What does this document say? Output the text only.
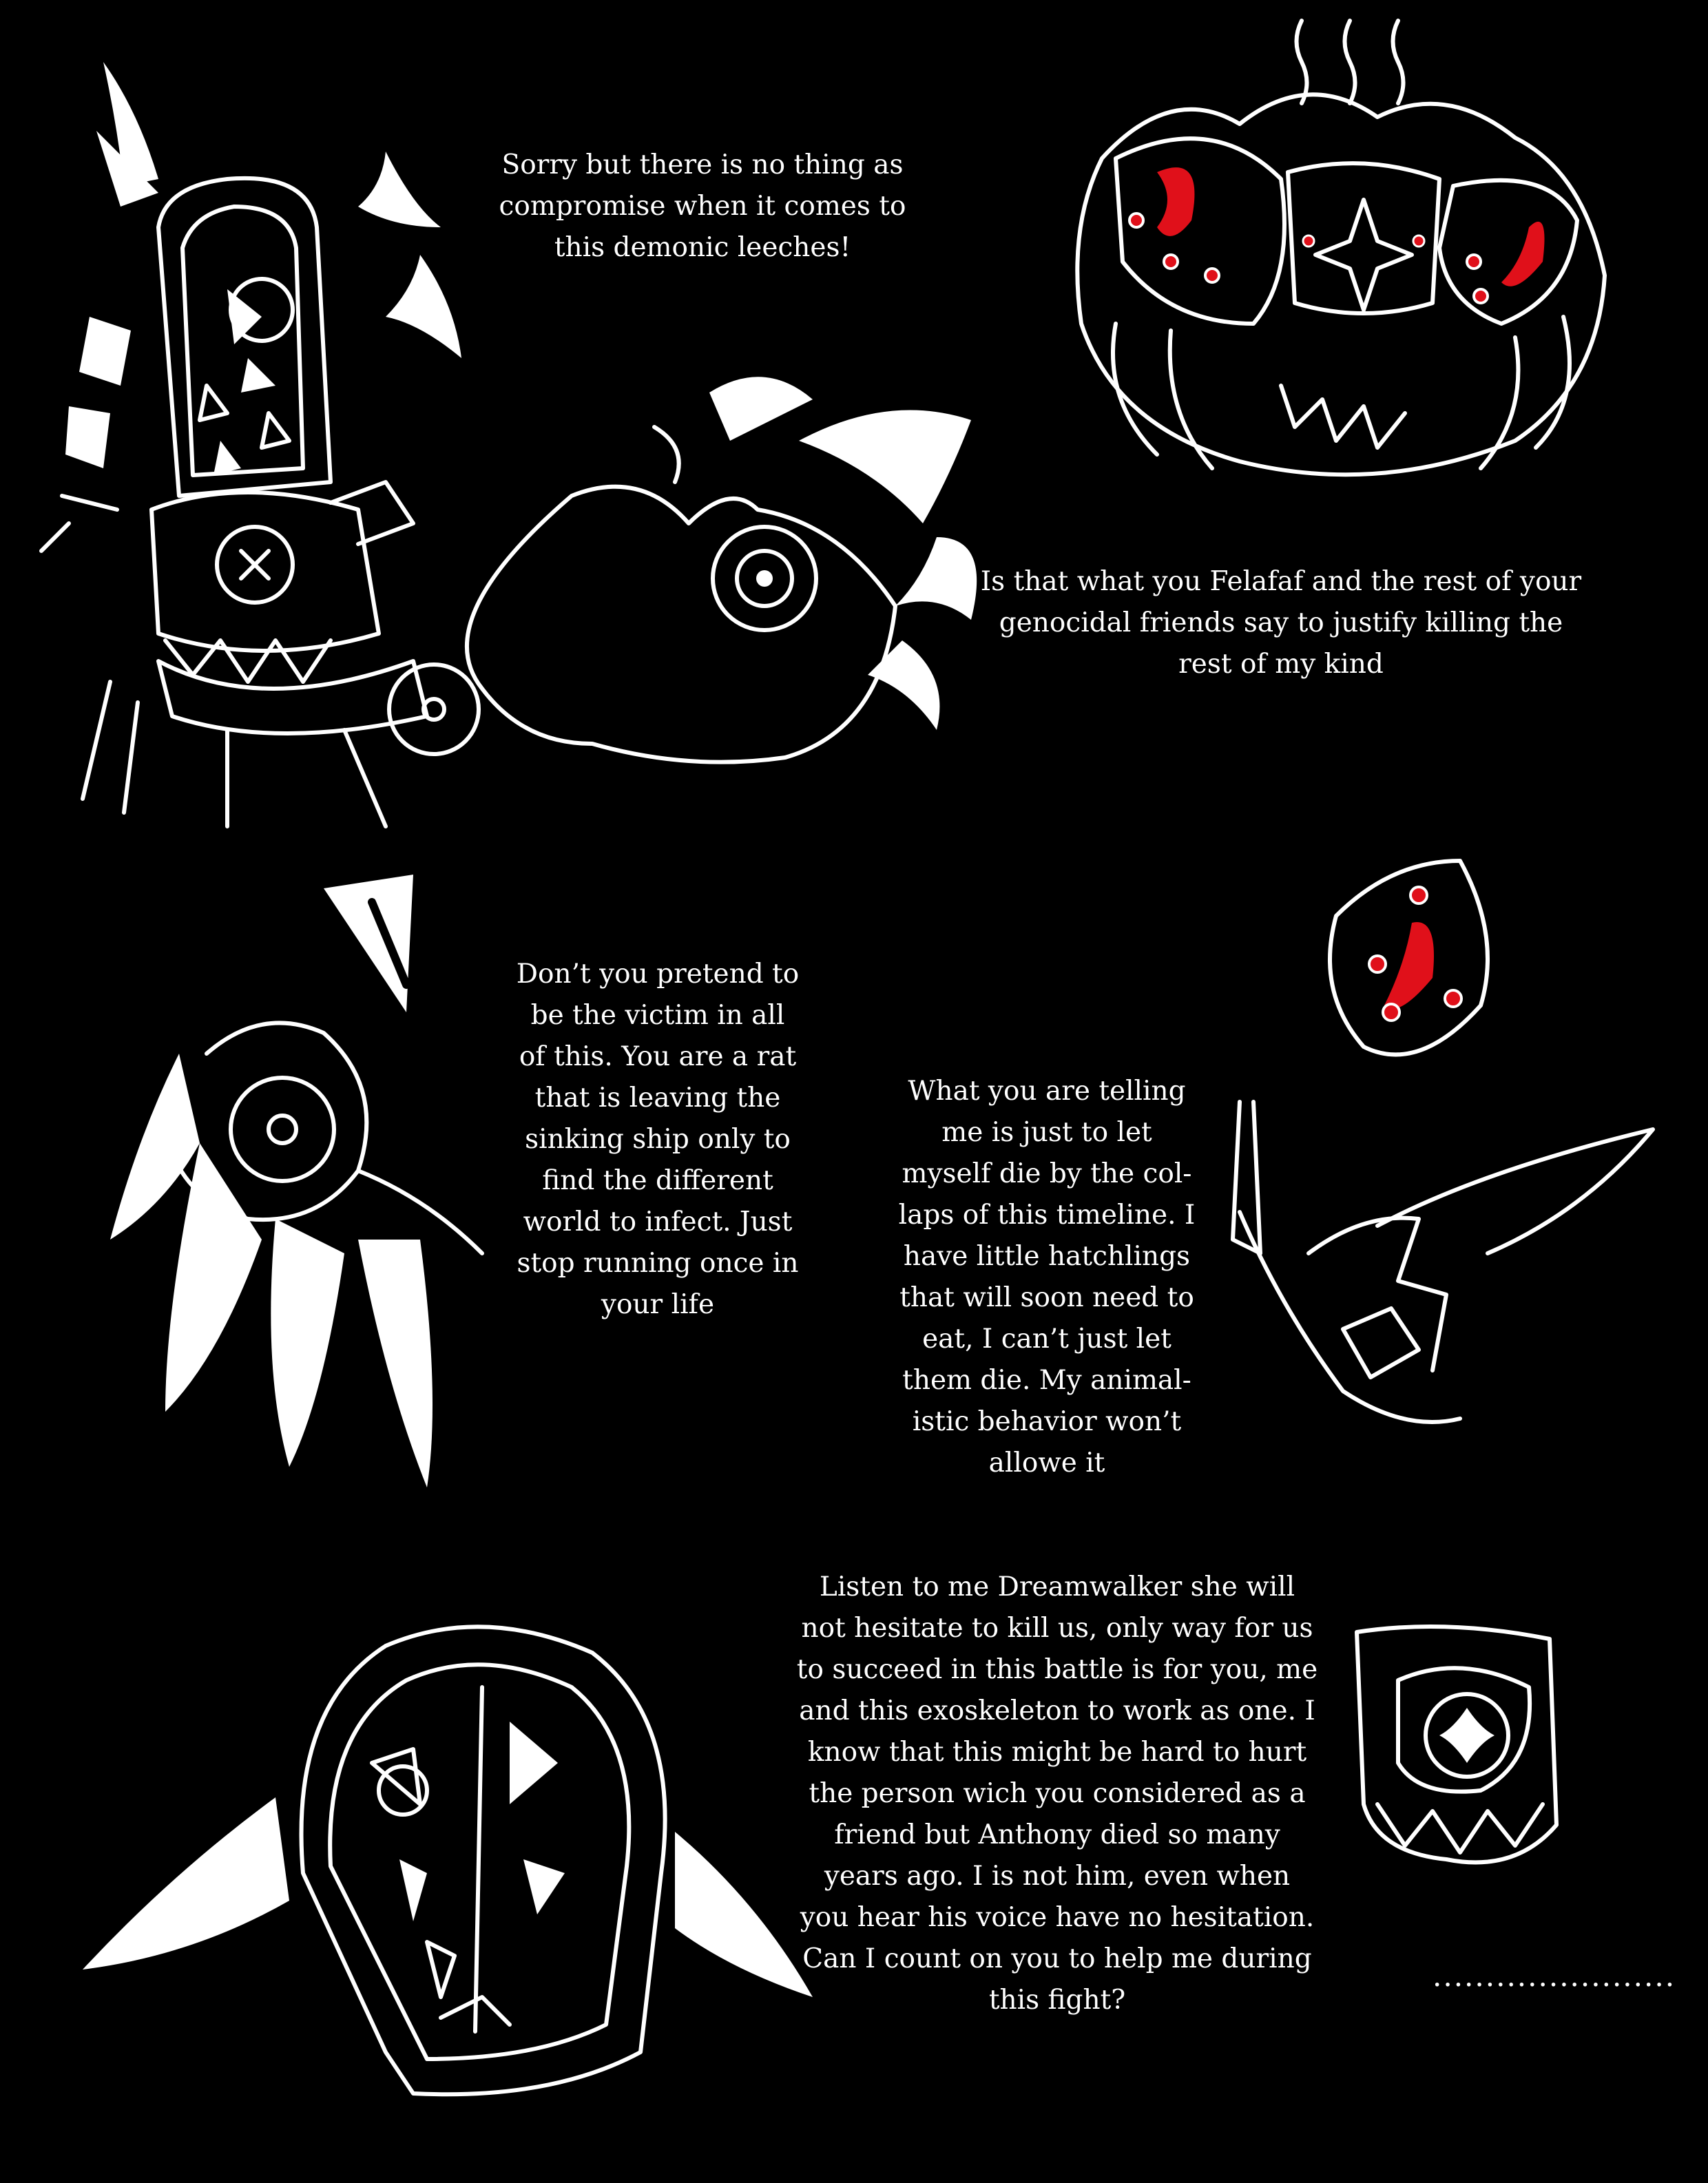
Sorry but there is no thing as
compromise when it comes to
this demonic leeches!

Is that what you Felafaf and the rest of your
genocidal friends say to justify killing the
rest of my kind

Don’t you pretend to
be the victim in all
of this. You are a rat
that is leaving the
sinking ship only to
find the different
world to infect. Just
stop running once in
your life

What you are telling
me is just to let
myself die by the col-
laps of this timeline. I
have little hatchlings
that will soon need to
eat, I can’t just let
them die. My animal-
istic behavior won’t
allowe it

Listen to me Dreamwalker she will
not hesitate to kill us, only way for us
to succeed in this battle is for you, me
and this exoskeleton to work as one. I
know that this might be hard to hurt
the person wich you considered as a
friend but Anthony died so many
years ago. I is not him, even when
you hear his voice have no hesitation.
Can I count on you to help me during
this fight?

.......................
